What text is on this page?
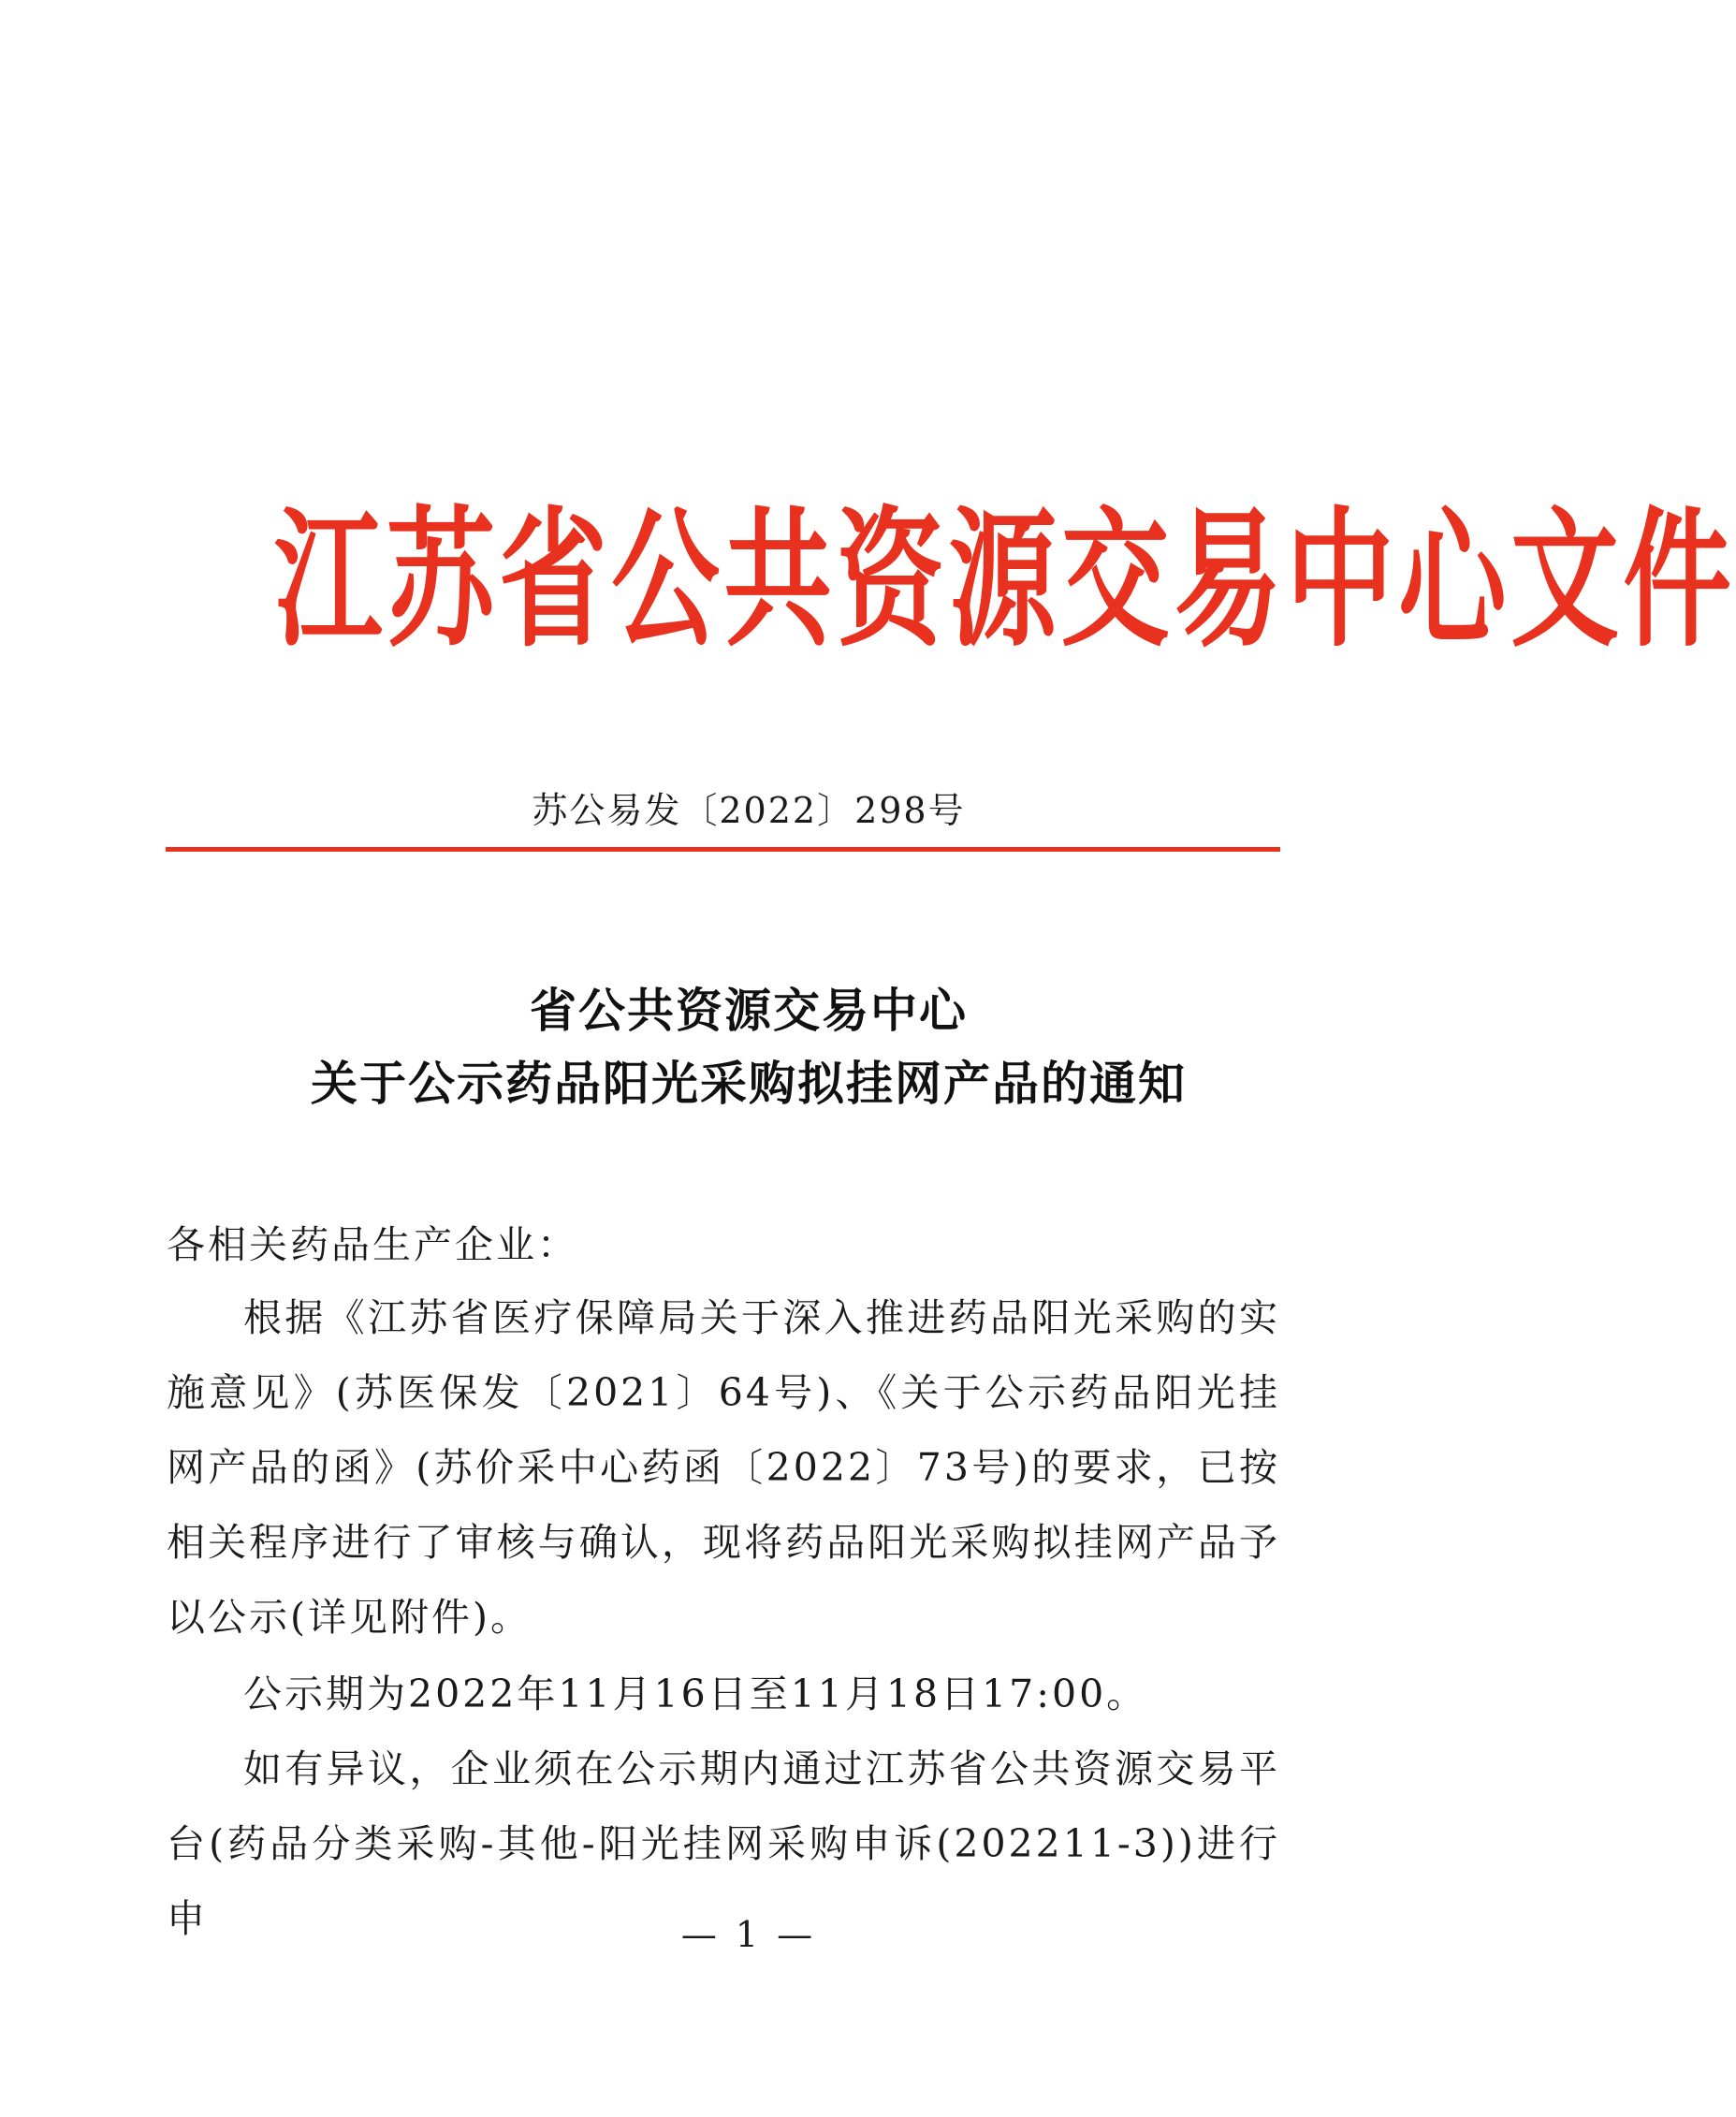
江苏省公共资源交易中心文件
苏公易发〔2022〕298号
省公共资源交易中心
关于公示药品阳光采购拟挂网产品的通知
各相关药品生产企业：
根据《江苏省医疗保障局关于深入推进药品阳光采购的实施意见》(苏医保发〔2021〕64号)、《关于公示药品阳光挂网产品的函》(苏价采中心药函〔2022〕73号)的要求，已按相关程序进行了审核与确认，现将药品阳光采购拟挂网产品予以公示(详见附件)。
公示期为2022年11月16日至11月18日17:00。
如有异议，企业须在公示期内通过江苏省公共资源交易平台(药品分类采购-其他-阳光挂网采购申诉(202211-3))进行申	— 1 —
